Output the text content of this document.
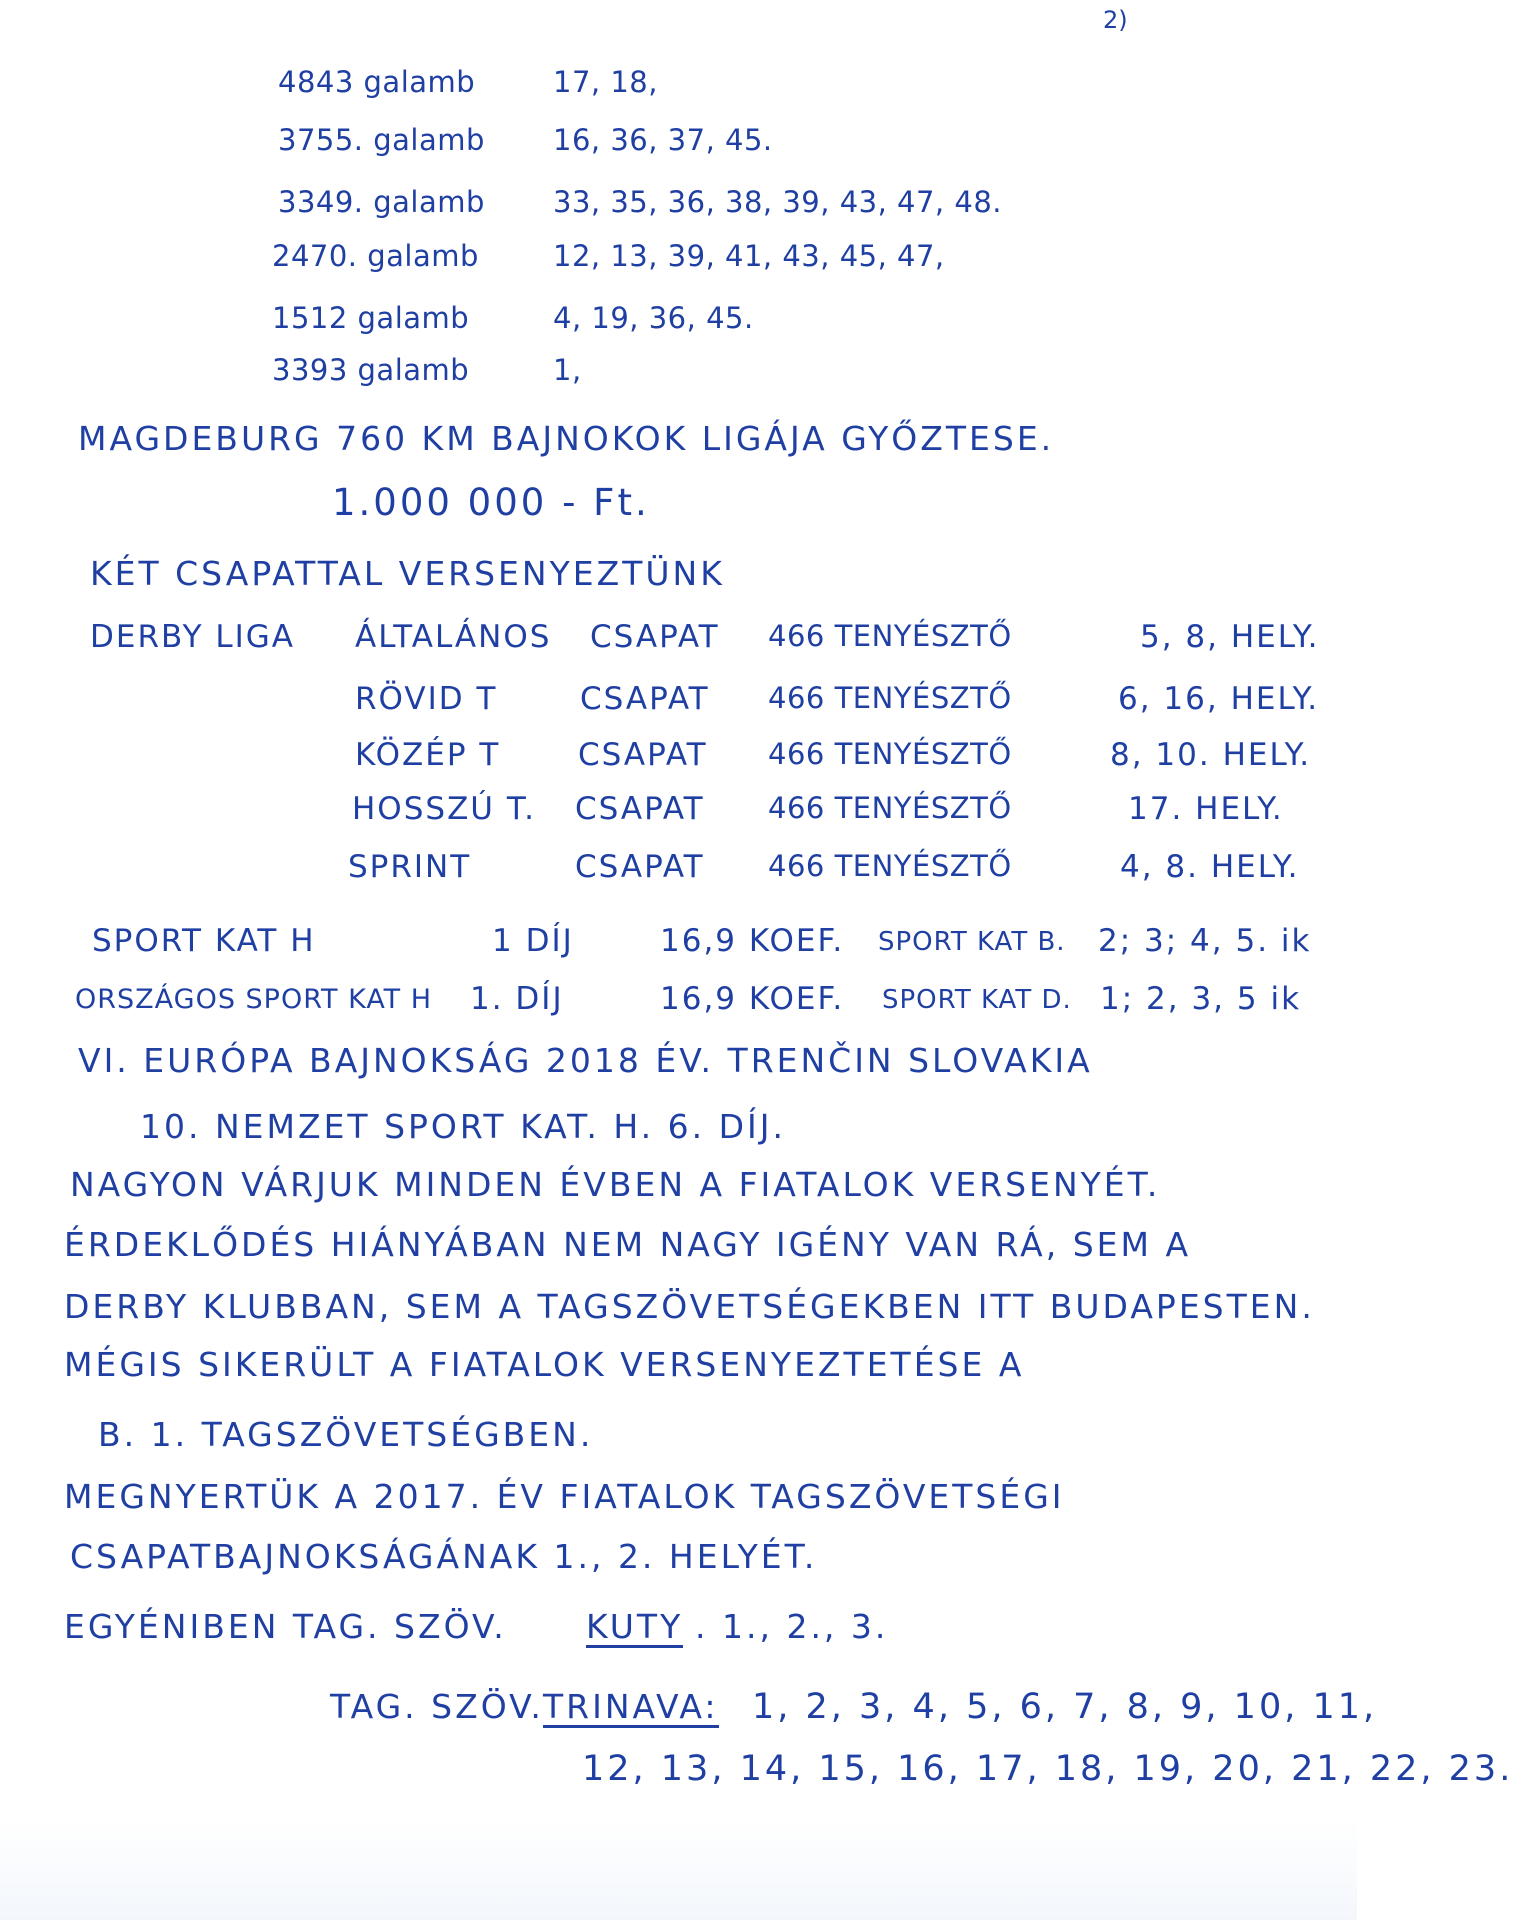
2)
4843 galamb	17, 18,
3755. galamb 16, 36, 37, 45.
3349. galamb 33, 35, 36, 38, 39, 43, 47, 48.
2470. galamb	12, 13, 39, 41, 43, 45, 47,
1512 galamb	4, 19, 36, 45.
3393 galamb	1,
MAGDEBURG 760 KM BAJNOKOK LIGÁJA GYŐZTESE.
1.000 000 - Ft.
KÉT CSAPATTAL VERSENYEZTÜNK
DERBY LIGA ÁLTALÁNOS CSAPAT 466 TENYÉSZTŐ	5, 8, HELY.
RÖVID T	CSAPAT 466 TENYÉSZTŐ	6, 16, HELY.
KÖZÉP T	CSAPAT 466 TENYÉSZTŐ	8, 10. HELY.
HOSSZÚ T. CSAPAT 466 TENYÉSZTŐ	17. HELY.
SPRINT	CSAPAT 466 TENYÉSZTŐ	4, 8. HELY.
SPORT KAT H	1 DÍJ	16,9 KOEF. SPORT KAT B. 2; 3; 4, 5. ik
ORSZÁGOS SPORT KAT H 1. DÍJ	16,9 KOEF. SPORT KAT D. 1; 2, 3, 5 ik
VI. EURÓPA BAJNOKSÁG 2018 ÉV. TRENČIN SLOVAKIA
10. NEMZET SPORT KAT. H. 6. DÍJ.
NAGYON VÁRJUK MINDEN ÉVBEN A FIATALOK VERSENYÉT.
ÉRDEKLŐDÉS HIÁNYÁBAN NEM NAGY IGÉNY VAN RÁ, SEM A
DERBY KLUBBAN, SEM A TAGSZÖVETSÉGEKBEN ITT BUDAPESTEN.
MÉGIS SIKERÜLT A FIATALOK VERSENYEZTETÉSE A
B. 1. TAGSZÖVETSÉGBEN.
MEGNYERTÜK A 2017. ÉV FIATALOK TAGSZÖVETSÉGI
CSAPATBAJNOKSÁGÁNAK 1., 2. HELYÉT.
EGYÉNIBEN TAG. SZÖV. KUTY . 1., 2., 3.
TAG. SZÖV. TRINAVA: 1, 2, 3, 4, 5, 6, 7, 8, 9, 10, 11,
12, 13, 14, 15, 16, 17, 18, 19, 20, 21, 22, 23.
